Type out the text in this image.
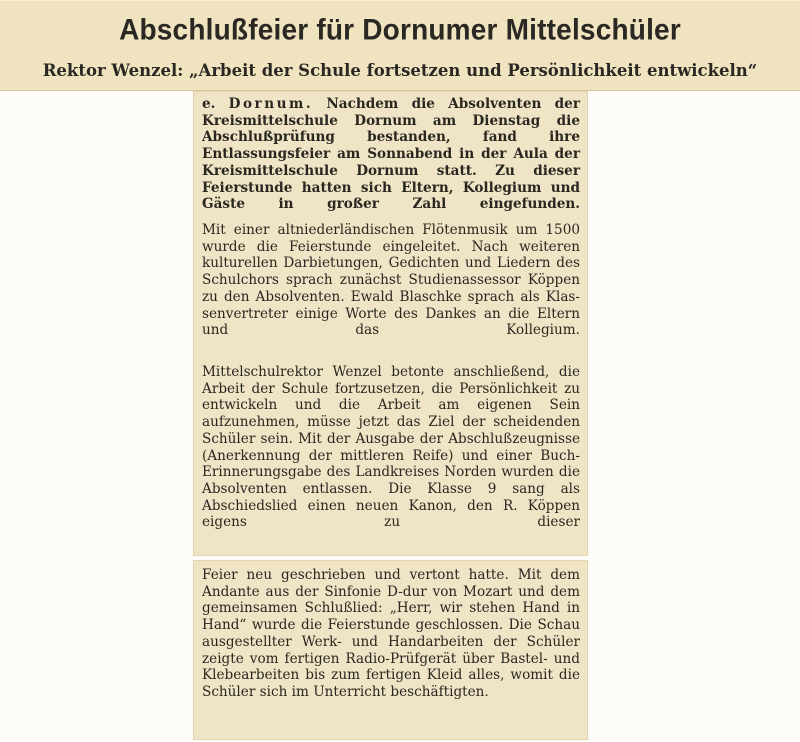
Abschlußfeier für Dornumer Mittelschüler
Rektor Wenzel: „Arbeit der Schule fortsetzen und Persönlichkeit entwickeln“
e. Dornum. Nachdem die Absolventen der Kreismittelschule Dornum am Dienstag die Abschlußprüfung bestanden, fand ihre Entlassungsfeier am Sonnabend in der Aula der Kreismittelschule Dornum statt. Zu dieser Feierstunde hatten sich Eltern, Kollegium und Gäste in großer Zahl eingefunden.
Mit einer altniederländischen Flötenmusik um 1500 wurde die Feierstunde eingeleitet. Nach weiteren kulturellen Darbietungen, Gedichten und Liedern des Schulchors sprach zunächst Studienassessor Köppen zu den Absolventen. Ewald Blaschke sprach als Klassenvertreter einige Worte des Dankes an die Eltern und das Kollegium.
Mittelschulrektor Wenzel betonte anschließend, die Arbeit der Schule fortzusetzen, die Persönlichkeit zu entwickeln und die Arbeit am eigenen Sein aufzunehmen, müsse jetzt das Ziel der scheidenden Schüler sein. Mit der Ausgabe der Abschlußzeugnisse (Anerkennung der mittleren Reife) und einer Buch-Erinnerungsgabe des Landkreises Norden wurden die Absolventen entlassen. Die Klasse 9 sang als Abschiedslied einen neuen Kanon, den R. Köppen eigens zu dieser
Feier neu geschrieben und vertont hatte. Mit dem Andante aus der Sinfonie D-dur von Mozart und dem gemeinsamen Schlußlied: „Herr, wir stehen Hand in Hand“ wurde die Feierstunde geschlossen. Die Schau ausgestellter Werk- und Handarbeiten der Schüler zeigte vom fertigen Radio-Prüfgerät über Bastel- und Klebearbeiten bis zum fertigen Kleid alles, womit die Schüler sich im Unterricht beschäftigten.
